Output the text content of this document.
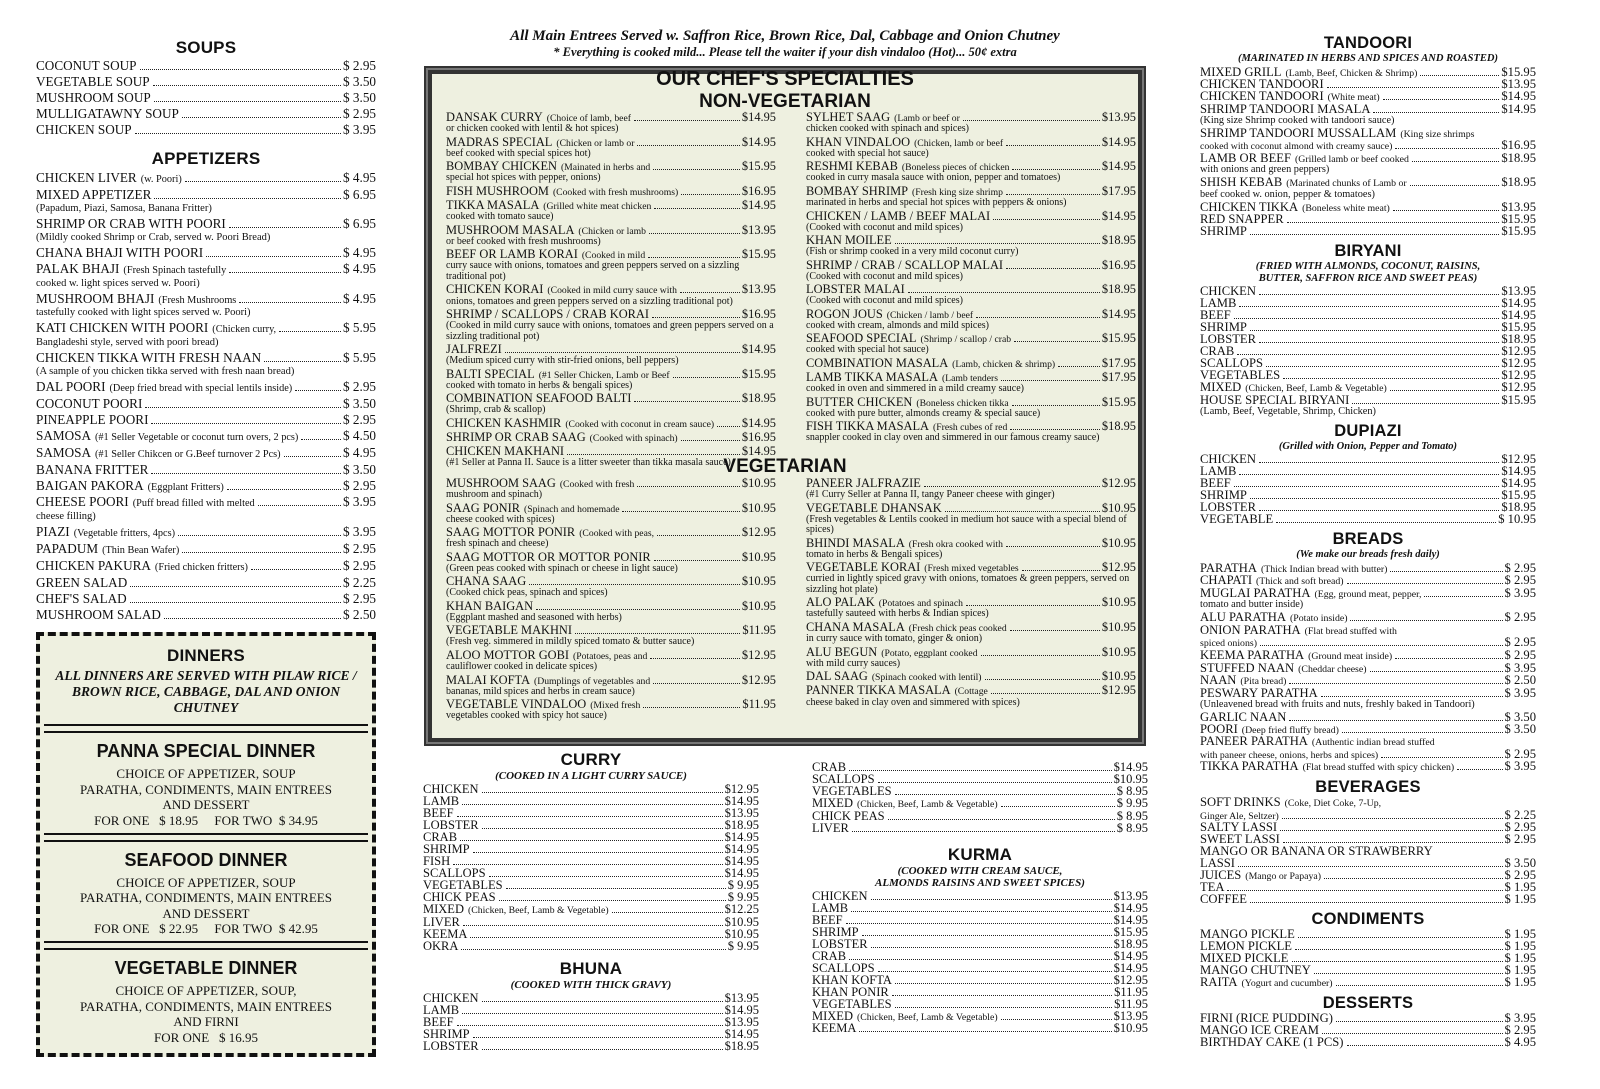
SOUPS
COCONUT SOUP	$ 2.95
VEGETABLE SOUP	$ 3.50
MUSHROOM SOUP	$ 3.50
MULLIGATAWNY SOUP	$ 2.95
CHICKEN SOUP	$ 3.95
APPETIZERS
CHICKEN LIVER (w. Poori)	$ 4.95
MIXED APPETIZER	$ 6.95
(Papadum, Piazi, Samosa, Banana Fritter)
SHRIMP OR CRAB WITH POORI	$ 6.95
(Mildly cooked Shrimp or Crab, served w. Poori Bread)
CHANA BHAJI WITH POORI	$ 4.95
PALAK BHAJI (Fresh Spinach tastefully	$ 4.95
cooked w. light spices served w. Poori)
MUSHROOM BHAJI (Fresh Mushrooms	$ 4.95
tastefully cooked with light spices served w. Poori)
KATI CHICKEN WITH POORI (Chicken curry,	$ 5.95
Bangladeshi style, served with poori bread)
CHICKEN TIKKA WITH FRESH NAAN	$ 5.95
(A sample of you chicken tikka served with fresh naan bread)
DAL POORI (Deep fried bread with special lentils inside)	$ 2.95
COCONUT POORI	$ 3.50
PINEAPPLE POORI	$ 2.95
SAMOSA (#1 Seller Vegetable or coconut turn overs, 2 pcs)	$ 4.50
SAMOSA (#1 Seller Chikcen or G.Beef turnover 2 Pcs)	$ 4.95
BANANA FRITTER	$ 3.50
BAIGAN PAKORA (Eggplant Fritters)	$ 2.95
CHEESE POORI (Puff bread filled with melted	$ 3.95
cheese filling)
PIAZI (Vegetable fritters, 4pcs)	$ 3.95
PAPADUM (Thin Bean Wafer)	$ 2.95
CHICKEN PAKURA (Fried chicken fritters)	$ 2.95
GREEN SALAD	$ 2.25
CHEF'S SALAD	$ 2.95
MUSHROOM SALAD	$ 2.50
DINNERS
ALL DINNERS ARE SERVED WITH PILAW RICE / BROWN RICE, CABBAGE, DAL AND ONION CHUTNEY
PANNA SPECIAL DINNER
CHOICE OF APPETIZER, SOUP
PARATHA, CONDIMENTS, MAIN ENTREES
AND DESSERT
FOR ONE   $ 18.95     FOR TWO  $ 34.95
SEAFOOD DINNER
CHOICE OF APPETIZER, SOUP
PARATHA, CONDIMENTS, MAIN ENTREES
AND DESSERT
FOR ONE   $ 22.95     FOR TWO  $ 42.95
VEGETABLE DINNER
CHOICE OF APPETIZER, SOUP,
PARATHA, CONDIMENTS, MAIN ENTREES
AND FIRNI
FOR ONE   $ 16.95
All Main Entrees Served w. Saffron Rice, Brown Rice, Dal, Cabbage and Onion Chutney
* Everything is cooked mild... Please tell the waiter if your dish vindaloo (Hot)... 50¢ extra
OUR CHEF'S SPECIALTIES
NON-VEGETARIAN
DANSAK CURRY (Choice of lamb, beef	$14.95
or chicken cooked with lentil & hot spices)
MADRAS SPECIAL (Chicken or lamb or	$14.95
beef cooked with special spices hot)
BOMBAY CHICKEN (Mainated in herbs and	$15.95
special hot spices with pepper, onions)
FISH MUSHROOM (Cooked with fresh mushrooms)	$16.95
TIKKA MASALA (Grilled white meat chicken	$14.95
cooked with tomato sauce)
MUSHROOM MASALA (Chicken or lamb	$13.95
or beef cooked with fresh mushrooms)
BEEF OR LAMB KORAI (Cooked in mild	$15.95
curry sauce with onions, tomatoes and green peppers served on a sizzling traditional pot)
CHICKEN KORAI (Cooked in mild curry sauce with	$13.95
onions, tomatoes and green peppers served on a sizzling traditional pot)
SHRIMP / SCALLOPS / CRAB KORAI	$16.95
(Cooked in mild curry sauce with onions, tomatoes and green peppers served on a sizzling traditional pot)
JALFREZI	$14.95
(Medium spiced curry with stir-fried onions, bell peppers)
BALTI SPECIAL (#1 Seller Chicken, Lamb or Beef	$15.95
cooked with tomato in herbs & bengali spices)
COMBINATION SEAFOOD BALTI	$18.95
(Shrimp, crab & scallop)
CHICKEN KASHMIR (Cooked with coconut in cream sauce) $14.95
SHRIMP OR CRAB SAAG (Cooked with spinach)	$16.95
CHICKEN MAKHANI	$14.95
(#1 Seller at Panna II. Sauce is a litter sweeter than tikka masala sauce)
SYLHET SAAG (Lamb or beef or	$13.95
chicken cooked with spinach and spices)
KHAN VINDALOO (Chicken, lamb or beef	$14.95
cooked with special hot sauce)
RESHMI KEBAB (Boneless pieces of chicken	$14.95
cooked in curry masala sauce with onion, pepper and tomatoes)
BOMBAY SHRIMP (Fresh king size shrimp	$17.95
marinated in herbs and special hot spices with peppers & onions)
CHICKEN / LAMB / BEEF MALAI	$14.95
(Cooked with coconut and mild spices)
KHAN MOILEE	$18.95
(Fish or shrimp cooked in a very mild coconut curry)
SHRIMP / CRAB / SCALLOP MALAI	$16.95
(Cooked with coconut and mild spices)
LOBSTER MALAI	$18.95
(Cooked with coconut and mild spices)
ROGON JOUS (Chicken / lamb / beef	$14.95
cooked with cream, almonds and mild spices)
SEAFOOD SPECIAL (Shrimp / scallop / crab	$15.95
cooked with special hot sauce)
COMBINATION MASALA (Lamb, chicken & shrimp)	$17.95
LAMB TIKKA MASALA (Lamb tenders	$17.95
cooked in oven and simmered in a mild creamy sauce)
BUTTER CHICKEN (Boneless chicken tikka	$15.95
cooked with pure butter, almonds creamy & special sauce)
FISH TIKKA MASALA (Fresh cubes of red	$18.95
snappler cooked in clay oven and simmered in our famous creamy sauce)
VEGETARIAN
MUSHROOM SAAG (Cooked with fresh	$10.95
mushroom and spinach)
SAAG PONIR (Spinach and homemade	$10.95
cheese cooked with spices)
SAAG MOTTOR PONIR (Cooked with peas,	$12.95
fresh spinach and cheese)
SAAG MOTTOR OR MOTTOR PONIR	$10.95
(Green peas cooked with spinach or cheese in light sauce)
CHANA SAAG	$10.95
(Cooked chick peas, spinach and spices)
KHAN BAIGAN	$10.95
(Eggplant mashed and seasoned with herbs)
VEGETABLE MAKHNI	$11.95
(Fresh veg. simmered in mildly spiced tomato & butter sauce)
ALOO MOTTOR GOBI (Potatoes, peas and	$12.95
cauliflower cooked in delicate spices)
MALAI KOFTA (Dumplings of vegetables and	$12.95
bananas, mild spices and herbs in cream sauce)
VEGETABLE VINDALOO (Mixed fresh	$11.95
vegetables cooked with spicy hot sauce)
PANEER JALFRAZIE	$12.95
(#1 Curry Seller at Panna II, tangy Paneer cheese with ginger)
VEGETABLE DHANSAK	$10.95
(Fresh vegetables & Lentils cooked in medium hot sauce with a special blend of spices)
BHINDI MASALA (Fresh okra cooked with	$10.95
tomato in herbs & Bengali spices)
VEGETABLE KORAI (Fresh mixed vegetables	$12.95
curried in lightly spiced gravy with onions, tomatoes & green peppers, served on sizzling hot plate)
ALO PALAK (Potatoes and spinach	$10.95
tastefully sauteed with herbs & Indian spices)
CHANA MASALA (Fresh chick peas cooked	$10.95
in curry sauce with tomato, ginger & onion)
ALU BEGUN (Potato, eggplant cooked	$10.95
with mild curry sauces)
DAL SAAG (Spinach cooked with lentil)	$10.95
PANNER TIKKA MASALA (Cottage	$12.95
cheese baked in clay oven and simmered with spices)
CURRY
(COOKED IN A LIGHT CURRY SAUCE)
CHICKEN	$12.95
LAMB	$14.95
BEEF	$13.95
LOBSTER	$18.95
CRAB	$14.95
SHRIMP	$14.95
FISH	$14.95
SCALLOPS	$14.95
VEGETABLES	$ 9.95
CHICK PEAS	$ 9.95
MIXED (Chicken, Beef, Lamb & Vegetable)	$12.25
LIVER	$10.95
KEEMA	$10.95
OKRA	$ 9.95
BHUNA
(COOKED WITH THICK GRAVY)
CHICKEN	$13.95
LAMB	$14.95
BEEF	$13.95
SHRIMP	$14.95
LOBSTER	$18.95
CRAB	$14.95
SCALLOPS	$10.95
VEGETABLES	$ 8.95
MIXED (Chicken, Beef, Lamb & Vegetable)	$ 9.95
CHICK PEAS	$ 8.95
LIVER	$ 8.95
KURMA
(COOKED WITH CREAM SAUCE, ALMONDS RAISINS AND SWEET SPICES)
CHICKEN	$13.95
LAMB	$14.95
BEEF	$14.95
SHRIMP	$15.95
LOBSTER	$18.95
CRAB	$14.95
SCALLOPS	$14.95
KHAN KOFTA	$12.95
KHAN PONIR	$11.95
VEGETABLES	$11.95
MIXED (Chicken, Beef, Lamb & Vegetable)	$13.95
KEEMA	$10.95
TANDOORI
(MARINATED IN HERBS AND SPICES AND ROASTED)
MIXED GRILL (Lamb, Beef, Chicken & Shrimp)	$15.95
CHICKEN TANDOORI	$13.95
CHICKEN TANDOORI (White meat)	$14.95
SHRIMP TANDOORI MASALA	$14.95
(King size Shrimp cooked with tandoori sauce)
SHRIMP TANDOORI MUSSALLAM (King size shrimps
cooked with coconut almond with creamy sauce)	$16.95
LAMB OR BEEF (Grilled lamb or beef cooked	$18.95
with onions and green peppers)
SHISH KEBAB (Marinated chunks of Lamb or	$18.95
beef cooked w. onion, pepper & tomatoes)
CHICKEN TIKKA (Boneless white meat)	$13.95
RED SNAPPER	$15.95
SHRIMP	$15.95
BIRYANI
(FRIED WITH ALMONDS, COCONUT, RAISINS, BUTTER, SAFFRON RICE AND SWEET PEAS)
CHICKEN	$13.95
LAMB	$14.95
BEEF	$14.95
SHRIMP	$15.95
LOBSTER	$18.95
CRAB	$12.95
SCALLOPS	$12.95
VEGETABLES	$12.95
MIXED (Chicken, Beef, Lamb & Vegetable)	$12.95
HOUSE SPECIAL BIRYANI	$15.95
(Lamb, Beef, Vegetable, Shrimp, Chicken)
DUPIAZI
(Grilled with Onion, Pepper and Tomato)
CHICKEN	$12.95
LAMB	$14.95
BEEF	$14.95
SHRIMP	$15.95
LOBSTER	$18.95
VEGETABLE	$ 10.95
BREADS
(We make our breads fresh daily)
PARATHA (Thick Indian bread with butter)	$ 2.95
CHAPATI (Thick and soft bread)	$ 2.95
MUGLAI PARATHA (Egg, ground meat, pepper,	$ 3.95
tomato and butter inside)
ALU PARATHA (Potato inside)	$ 2.95
ONION PARATHA (Flat bread stuffed with
spiced onions)	$ 2.95
KEEMA PARATHA (Ground meat inside)	$ 2.95
STUFFED NAAN (Cheddar cheese)	$ 3.95
NAAN (Pita bread)	$ 2.50
PESWARY PARATHA	$ 3.95
(Unleavened bread with fruits and nuts, freshly baked in Tandoori)
GARLIC NAAN	$ 3.50
POORI (Deep fried fluffy bread)	$ 3.50
PANEER PARATHA (Authentic indian bread stuffed
with paneer cheese, onions, herbs and spices)	$ 2.95
TIKKA PARATHA (Flat bread stuffed with spicy chicken)	$ 3.95
BEVERAGES
SOFT DRINKS (Coke, Diet Coke, 7-Up,
Ginger Ale, Seltzer)	$ 2.25
SALTY LASSI	$ 2.95
SWEET LASSI	$ 2.95
MANGO OR BANANA OR STRAWBERRY
LASSI	$ 3.50
JUICES (Mango or Papaya)	$ 2.95
TEA	$ 1.95
COFFEE	$ 1.95
CONDIMENTS
MANGO PICKLE	$ 1.95
LEMON PICKLE	$ 1.95
MIXED PICKLE	$ 1.95
MANGO CHUTNEY	$ 1.95
RAITA (Yogurt and cucumber)	$ 1.95
DESSERTS
FIRNI (RICE PUDDING)	$ 3.95
MANGO ICE CREAM	$ 2.95
BIRTHDAY CAKE (1 PCS)	$ 4.95
